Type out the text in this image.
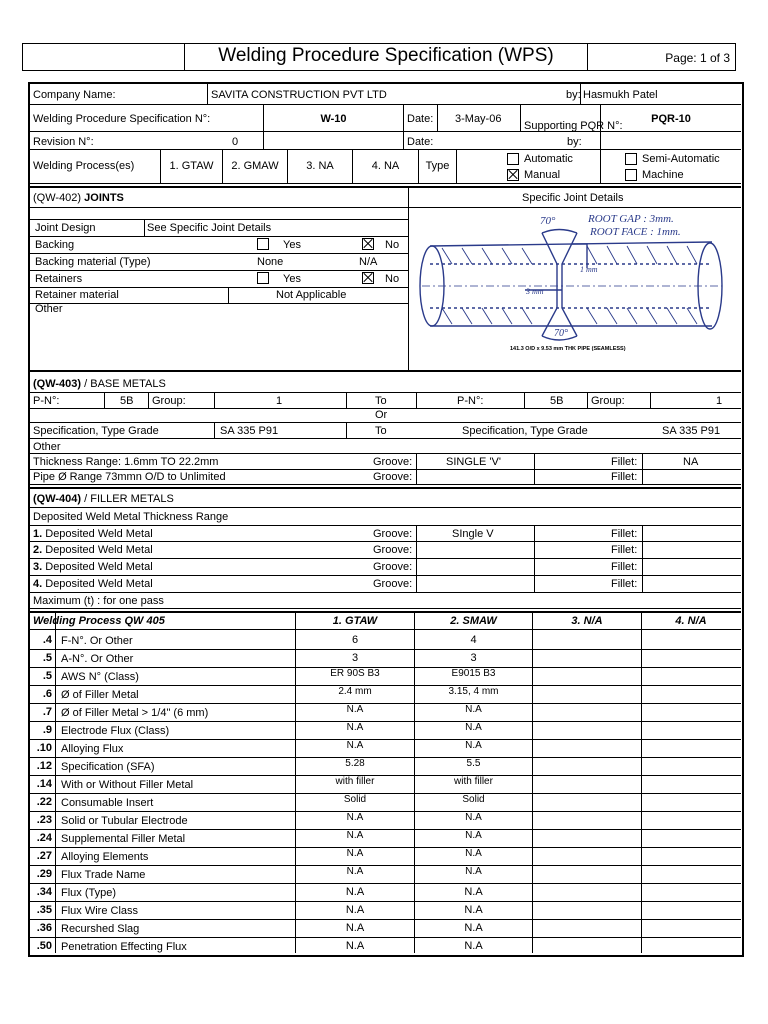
Welding Procedure Specification (WPS)	Page: 1 of 3
Company Name:	SAVITA CONSTRUCTION PVT LTD	by: Hasmukh Patel
Welding Procedure Specification N°:	W-10	Date: 3-May-06
Supporting PQR N°:
PQR-10
Revision N°:	0	Date:	by:
Welding Process(es)	1. GTAW	2. GMAW	3. NA	4. NA	Type
Automatic
Manual
Semi-Automatic
Machine
(QW-402) JOINTS	Specific Joint Details
Joint Design	See Specific Joint Details
Backing	Yes	No
Backing material (Type)	None	N/A
Retainers	Yes	No
Retainer material	Not Applicable
Other
70°	ROOT GAP : 3mm.
ROOT FACE : 1mm.
1 mm
3 mm
70°
141.3 O/D x 9.53 mm THK PIPE (SEAMLESS)
(QW-403) / BASE METALS
P-N°:	5B Group:	1	To	P-N°:	5B	Group:	1
Or
Specification, Type Grade	SA 335 P91	To	Specification, Type Grade	SA 335 P91
Other
Thickness Range: 1.6mm TO 22.2mm	Groove:	SINGLE 'V'	Fillet:	NA
Pipe Ø Range 73mmn O/D to Unlimited	Groove:	Fillet:
(QW-404) / FILLER METALS
Deposited Weld Metal Thickness Range
1. Deposited Weld Metal	Groove:	SIngle V	Fillet:
2. Deposited Weld Metal	Groove:	Fillet:
3. Deposited Weld Metal	Groove:	Fillet:
4. Deposited Weld Metal	Groove:	Fillet:
Maximum (t) : for one pass
Welding Process QW 405	1. GTAW	2. SMAW	3. N/A	4. N/A
.4 F-N°. Or Other	6	4
.5 A-N°. Or Other	3	3
.5 AWS N° (Class)	ER 90S B3	E9015 B3
.6 Ø of Filler Metal	2.4 mm	3.15, 4 mm
.7 Ø of Filler Metal > 1/4" (6 mm)	N.A	N.A
.9 Electrode Flux (Class)	N.A	N.A
.10 Alloying Flux	N.A	N.A
.12 Specification (SFA)	5.28	5.5
.14 With or Without Filler Metal	with filler	with filler
.22 Consumable Insert	Solid	Solid
.23 Solid or Tubular Electrode	N.A	N.A
.24 Supplemental Filler Metal	N.A	N.A
.27 Alloying Elements	N.A	N.A
.29 Flux Trade Name	N.A	N.A
.34 Flux (Type)	N.A	N.A
.35 Flux Wire Class	N.A	N.A
.36 Recurshed Slag	N.A	N.A
.50 Penetration Effecting Flux	N.A	N.A
